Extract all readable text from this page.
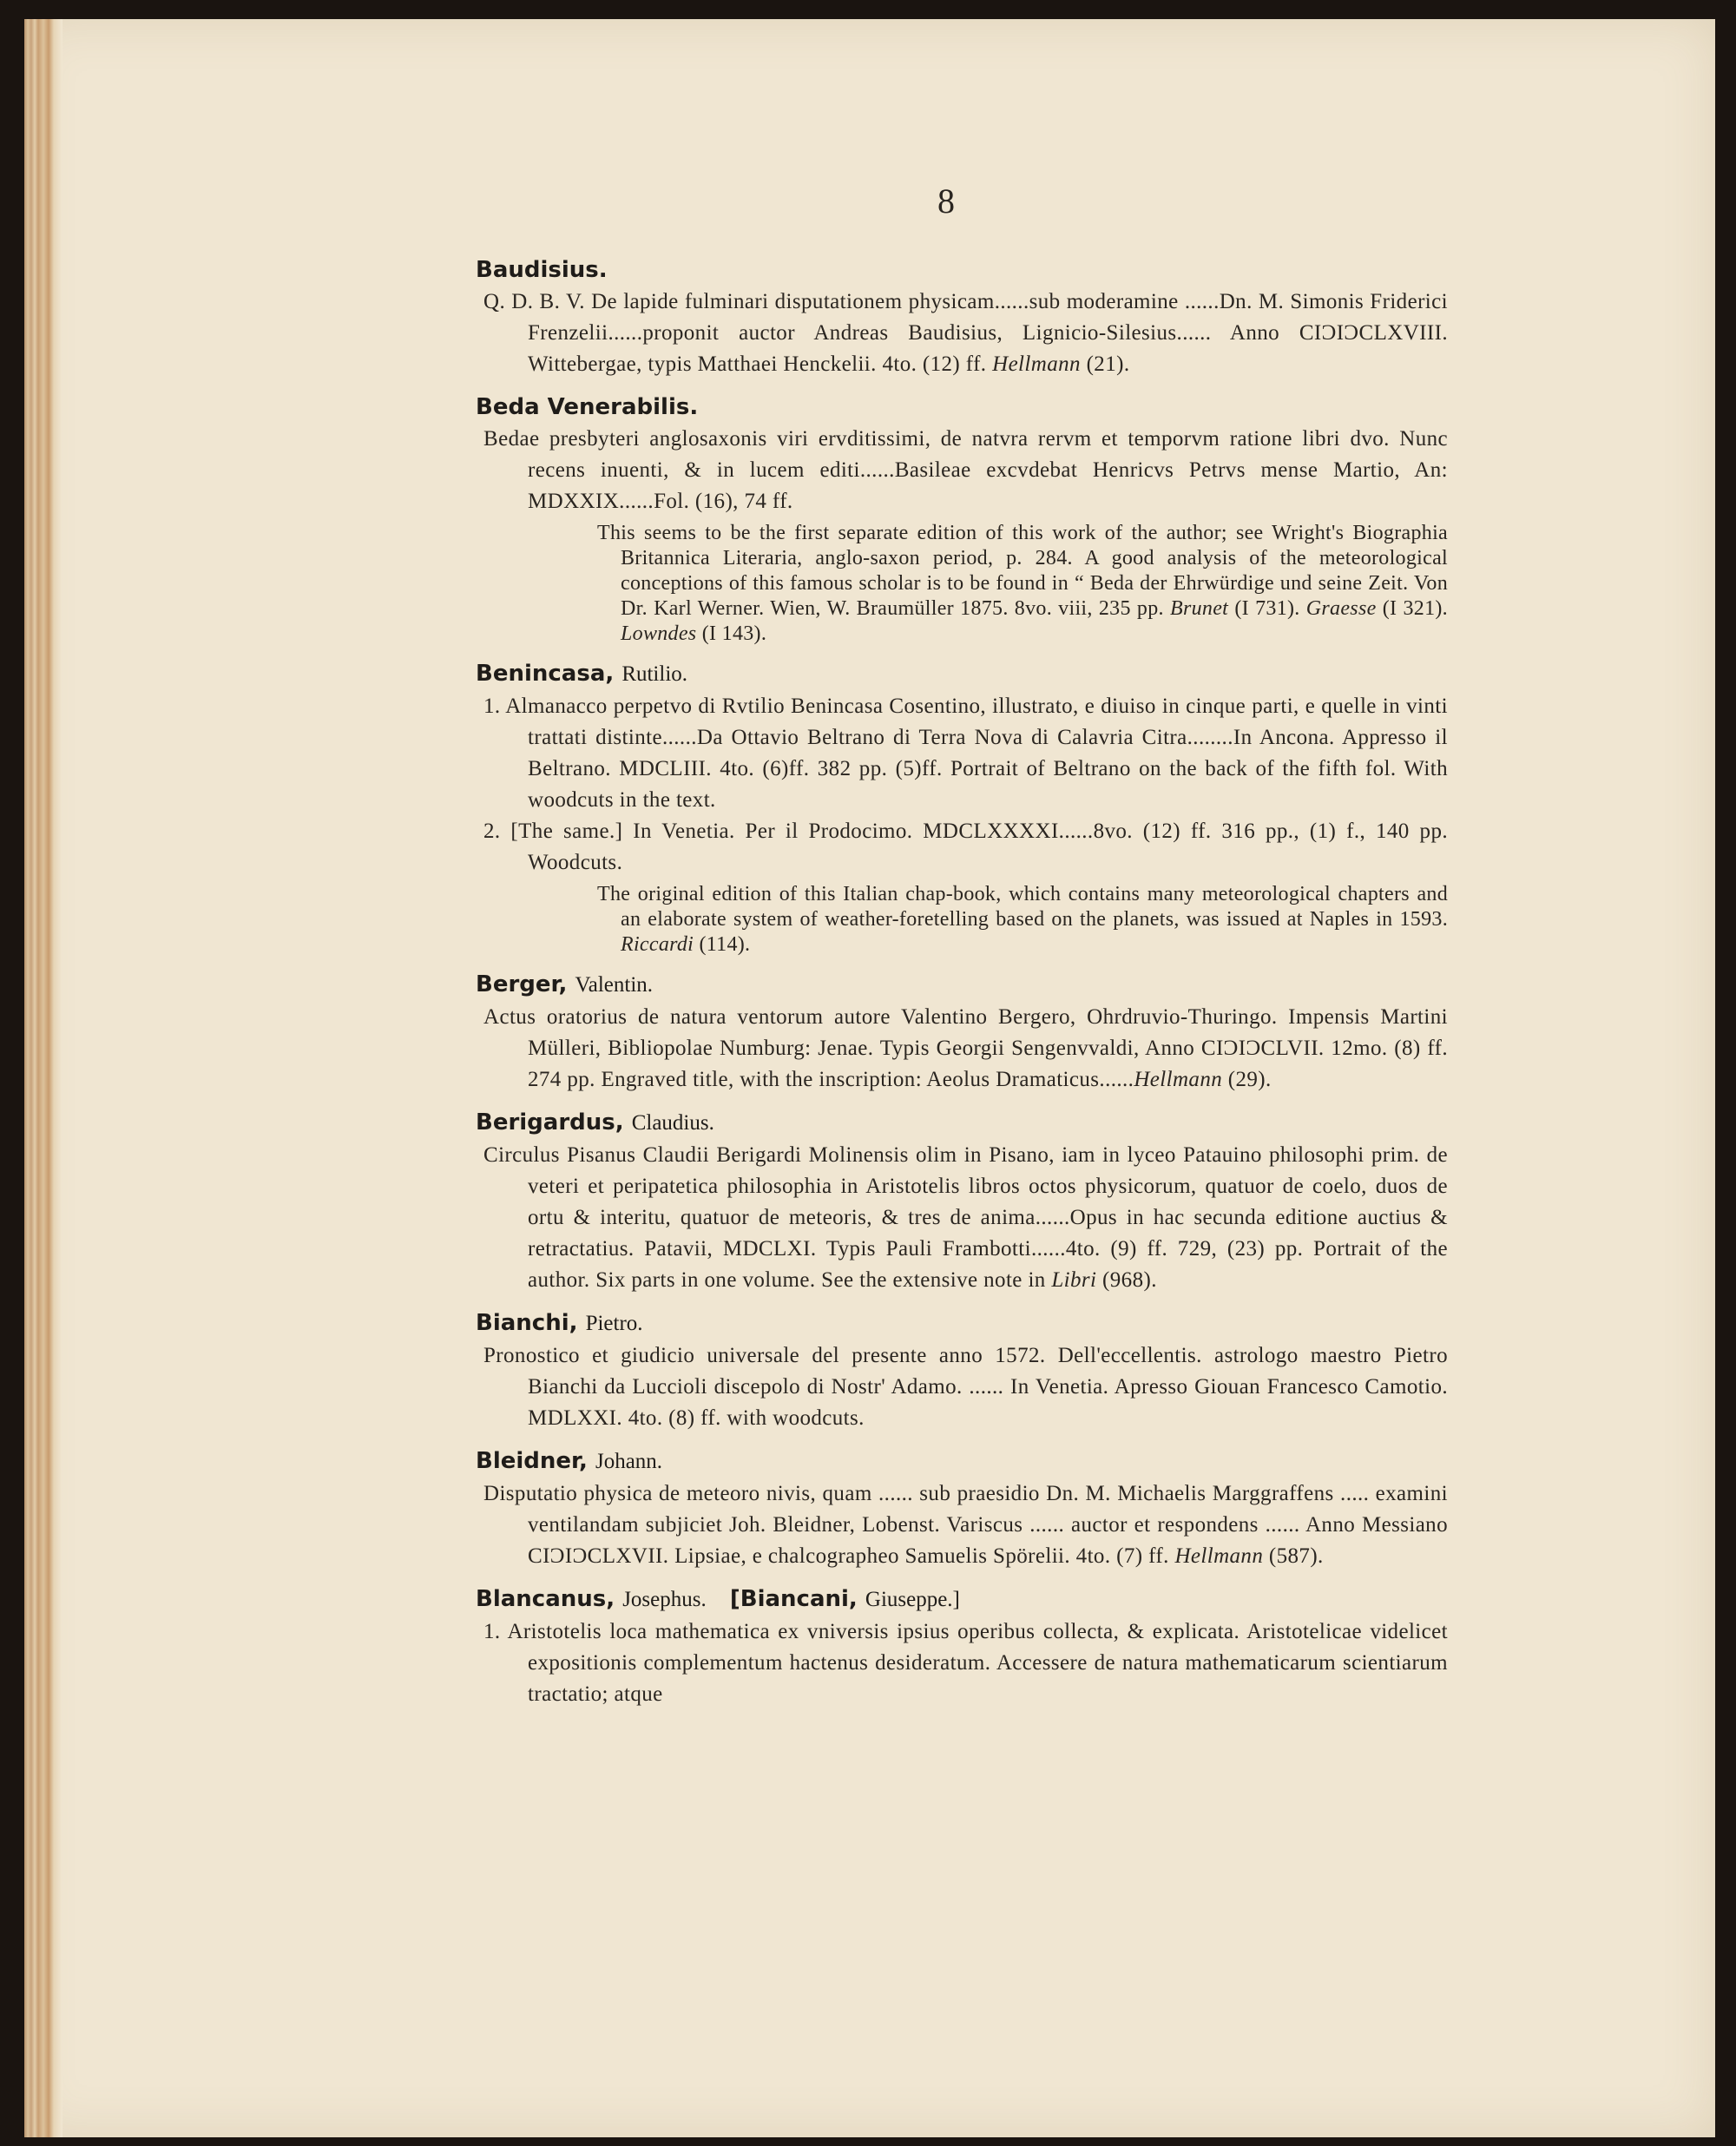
8
Baudisius.
Q. D. B. V. De lapide fulminari disputationem physicam......sub moderamine ......Dn. M. Simonis Friderici Frenzelii......proponit auctor Andreas Baudisius, Lignicio-Silesius...... Anno CIϽIϽCLXVIII. Wittebergae, typis Matthaei Henckelii. 4to. (12) ff. Hellmann (21).
Beda Venerabilis.
Bedae presbyteri anglosaxonis viri ervditissimi, de natvra rervm et temporvm ratione libri dvo. Nunc recens inuenti, & in lucem editi......Basileae excvdebat Henricvs Petrvs mense Martio, An: MDXXIX......Fol. (16), 74 ff.
This seems to be the first separate edition of this work of the author; see Wright's Biographia Britannica Literaria, anglo-saxon period, p. 284. A good analysis of the meteorological conceptions of this famous scholar is to be found in “ Beda der Ehrwürdige und seine Zeit. Von Dr. Karl Werner. Wien, W. Braumüller 1875. 8vo. viii, 235 pp. Brunet (I 731). Graesse (I 321). Lowndes (I 143).
Benincasa, Rutilio.
1. Almanacco perpetvo di Rvtilio Benincasa Cosentino, illustrato, e diuiso in cinque parti, e quelle in vinti trattati distinte......Da Ottavio Beltrano di Terra Nova di Calavria Citra........In Ancona. Appresso il Beltrano. MDCLIII. 4to. (6)ff. 382 pp. (5)ff. Portrait of Beltrano on the back of the fifth fol. With woodcuts in the text.
2. [The same.] In Venetia. Per il Prodocimo. MDCLXXXXI......8vo. (12) ff. 316 pp., (1) f., 140 pp. Woodcuts.
The original edition of this Italian chap-book, which contains many meteorological chapters and an elaborate system of weather-foretelling based on the planets, was issued at Naples in 1593. Riccardi (114).
Berger, Valentin.
Actus oratorius de natura ventorum autore Valentino Bergero, Ohrdruvio-Thuringo. Impensis Martini Mülleri, Bibliopolae Numburg: Jenae. Typis Georgii Sengenvvaldi, Anno CIϽIϽCLVII. 12mo. (8) ff. 274 pp. Engraved title, with the inscription: Aeolus Dramaticus......Hellmann (29).
Berigardus, Claudius.
Circulus Pisanus Claudii Berigardi Molinensis olim in Pisano, iam in lyceo Patauino philosophi prim. de veteri et peripatetica philosophia in Aristotelis libros octos physicorum, quatuor de coelo, duos de ortu & interitu, quatuor de meteoris, & tres de anima......Opus in hac secunda editione auctius & retractatius. Patavii, MDCLXI. Typis Pauli Frambotti......4to. (9) ff. 729, (23) pp. Portrait of the author. Six parts in one volume. See the extensive note in Libri (968).
Bianchi, Pietro.
Pronostico et giudicio universale del presente anno 1572. Dell'eccellentis. astrologo maestro Pietro Bianchi da Luccioli discepolo di Nostr' Adamo. ...... In Venetia. Apresso Giouan Francesco Camotio. MDLXXI. 4to. (8) ff. with woodcuts.
Bleidner, Johann.
Disputatio physica de meteoro nivis, quam ...... sub praesidio Dn. M. Michaelis Marggraffens ..... examini ventilandam subjiciet Joh. Bleidner, Lobenst. Variscus ...... auctor et respondens ...... Anno Messiano CIϽIϽCLXVII. Lipsiae, e chalcographeo Samuelis Spörelii. 4to. (7) ff. Hellmann (587).
Blancanus, Josephus. [Biancani, Giuseppe.]
1. Aristotelis loca mathematica ex vniversis ipsius operibus collecta, & explicata. Aristotelicae videlicet expositionis complementum hactenus desideratum. Accessere de natura mathematicarum scientiarum tractatio; atque
